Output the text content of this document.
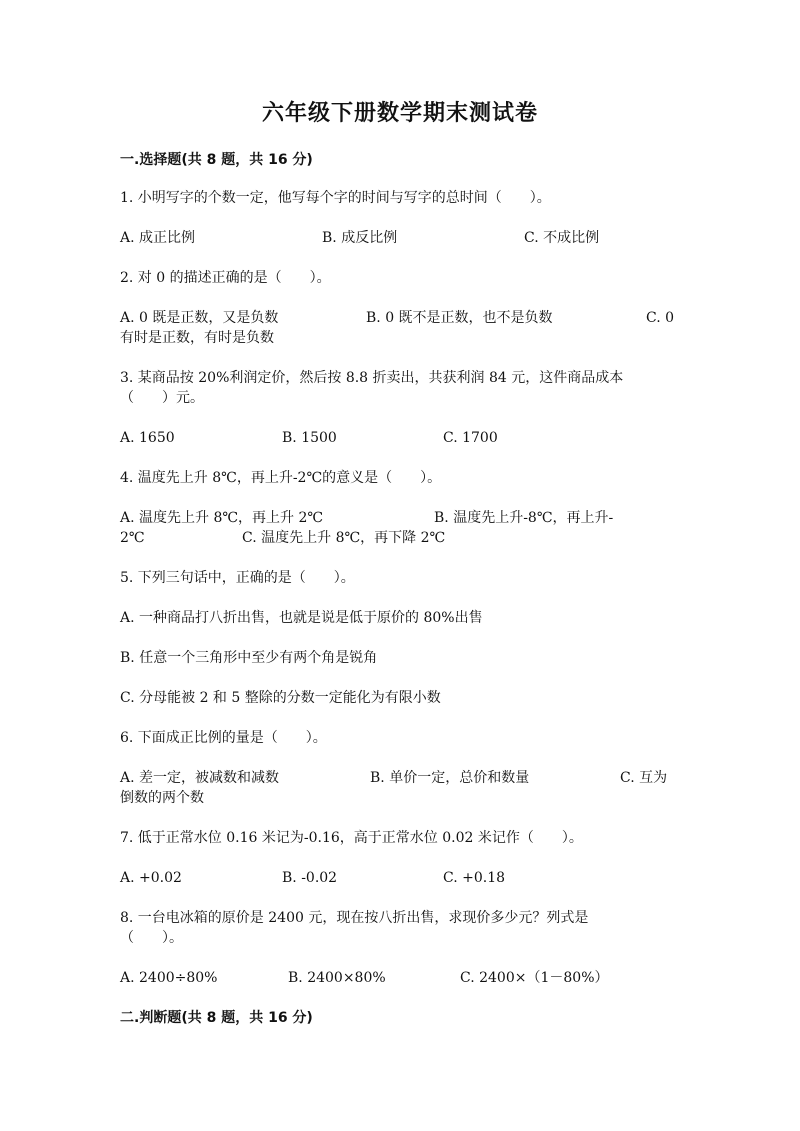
六年级下册数学期末测试卷
一.选择题(共 8 题，共 16 分)
1. 小明写字的个数一定，他写每个字的时间与写字的总时间（　　）。
A. 成正比例	B. 成反比例	C. 不成比例
2. 对 0 的描述正确的是（　　）。
A. 0 既是正数，又是负数	B. 0 既不是正数，也不是负数	C. 0
有时是正数，有时是负数
3. 某商品按 20%利润定价，然后按 8.8 折卖出，共获利润 84 元，这件商品成本
（　　）元。
A. 1650	B. 1500	C. 1700
4. 温度先上升 8℃，再上升-2℃的意义是（　　）。
A. 温度先上升 8℃，再上升 2℃	B. 温度先上升-8℃，再上升-
2℃	C. 温度先上升 8℃，再下降 2℃
5. 下列三句话中，正确的是（　　）。
A. 一种商品打八折出售，也就是说是低于原价的 80%出售
B. 任意一个三角形中至少有两个角是锐角
C. 分母能被 2 和 5 整除的分数一定能化为有限小数
6. 下面成正比例的量是（　　）。
A. 差一定，被减数和减数	B. 单价一定，总价和数量	C. 互为
倒数的两个数
7. 低于正常水位 0.16 米记为-0.16，高于正常水位 0.02 米记作（　　）。
A. +0.02	B. -0.02	C. +0.18
8. 一台电冰箱的原价是 2400 元，现在按八折出售，求现价多少元？列式是
（　　）。
A. 2400÷80%	B. 2400×80%	C. 2400×（1－80%）
二.判断题(共 8 题，共 16 分)
